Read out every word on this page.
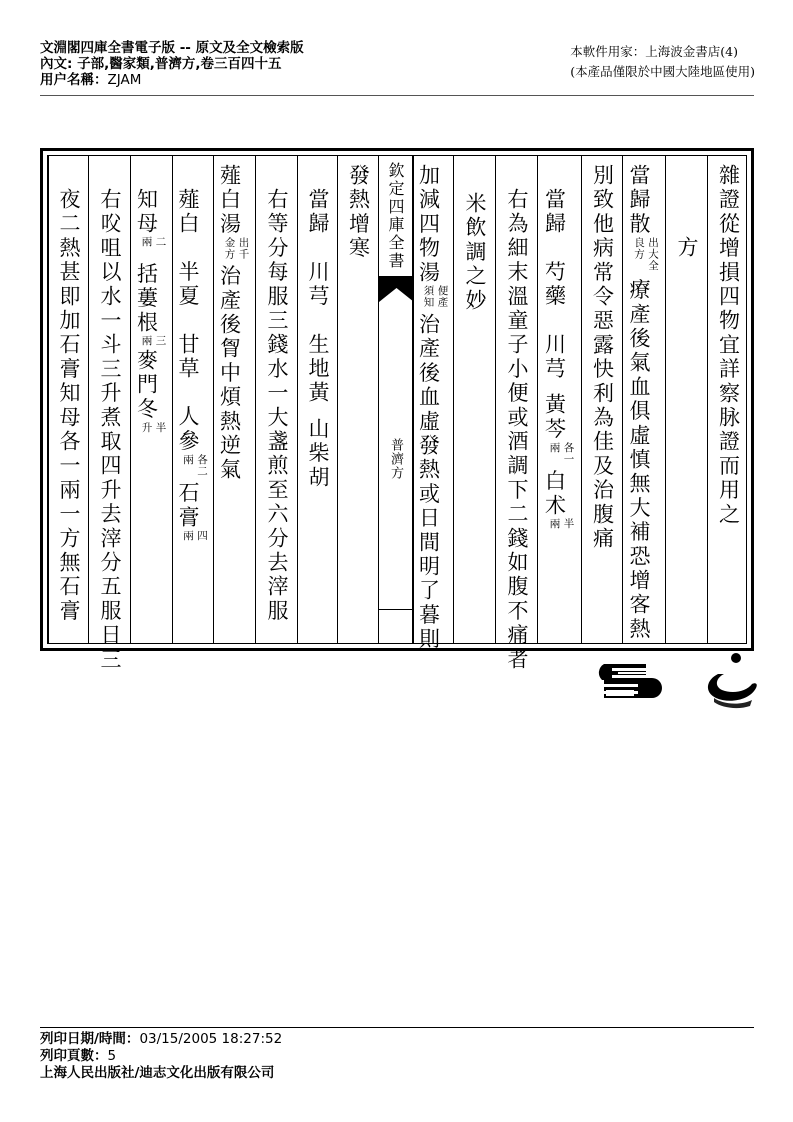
文淵閣四庫全書電子版 -- 原文及全文檢索版
內文: 子部,醫家類,普濟方,卷三百四十五
用户名稱：ZJAM
本軟件用家：上海波金書店(4)
(本產品僅限於中國大陸地區使用)
雜證從增損四物宜詳察脉證而用之
方
當歸散出大全良方療產後氣血俱虛慎無大補恐增客熱
別致他病常令惡露快利為佳及治腹痛
當歸芍藥川芎黃芩各一兩白术半兩
右為細末溫童子小便或酒調下二錢如腹不痛者
米飲調之妙
加減四物湯便產須知治產後血虛發熱或日間明了暮則
欽定四庫全書
普濟方
發熱增寒
當歸川芎生地黃山柴胡
右等分每服三錢水一大盞煎至六分去滓服
薤白湯出千金方治產後胷中煩熱逆氣
薤白半夏甘草人參各二兩石膏四兩
知母二兩括蔞根三兩麥門冬半升
右㕮咀以水一斗三升煮取四升去滓分五服日三
夜二熱甚即加石膏知母各一兩一方無石膏
列印日期/時間：03/15/2005 18:27:52
列印頁數：5
上海人民出版社/迪志文化出版有限公司
